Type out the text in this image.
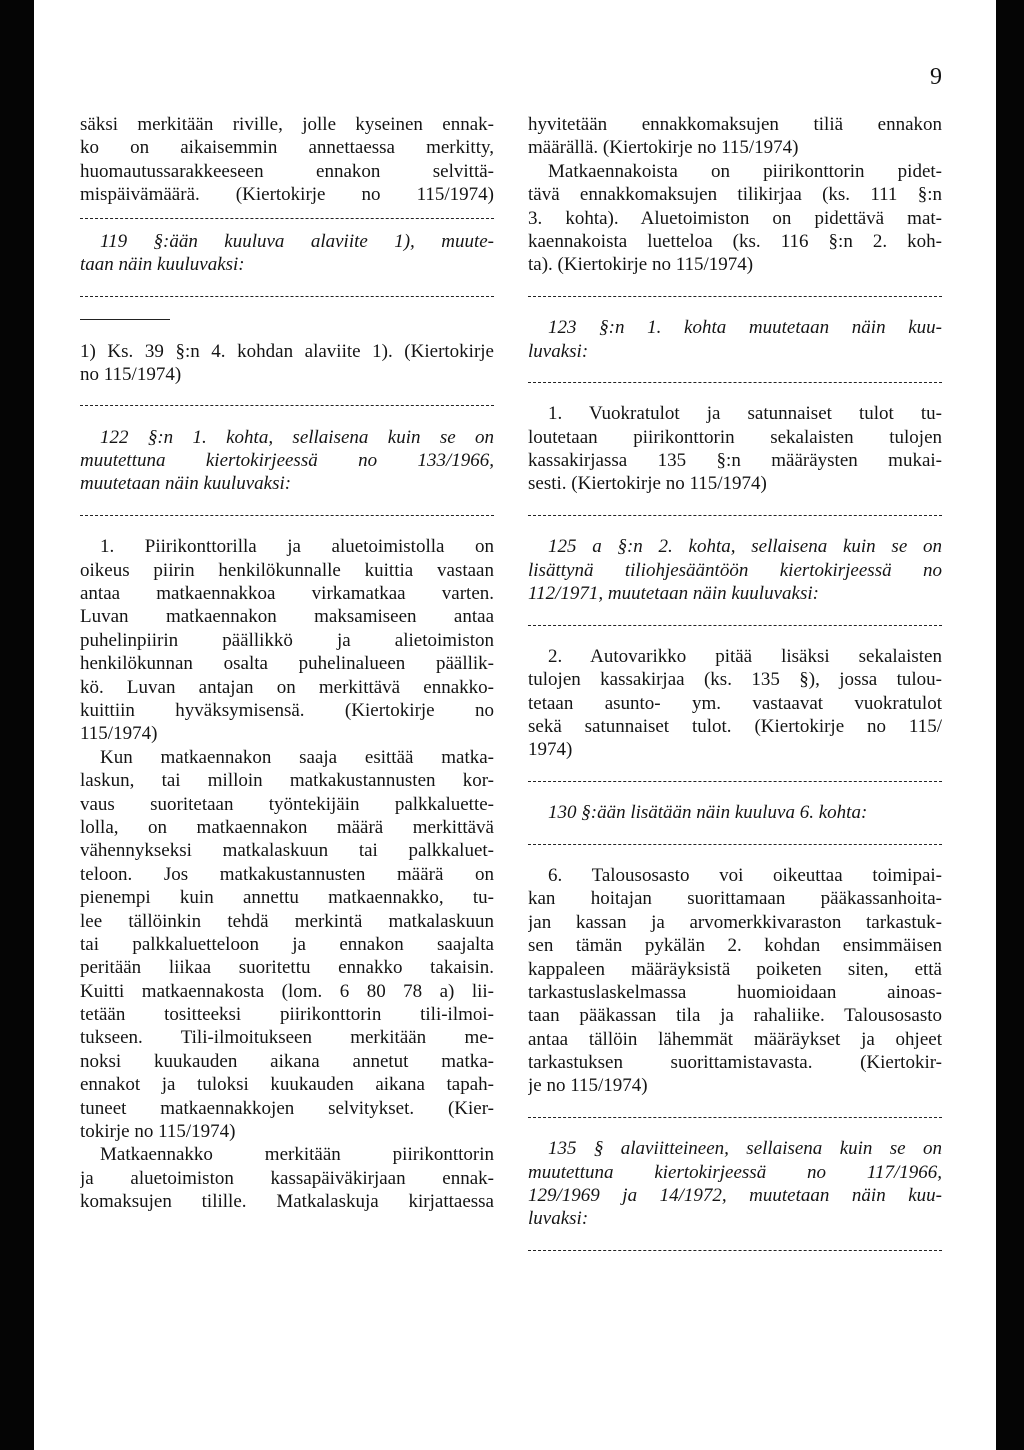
9
säksi merkitään riville, jolle kyseinen ennak-
ko on aikaisemmin annettaessa merkitty,
huomautussarakkeeseen ennakon selvittä-
mispäivämäärä. (Kiertokirje no 115/1974)
119 §:ään kuuluva alaviite 1), muute-
taan näin kuuluvaksi:
1) Ks. 39 §:n 4. kohdan alaviite 1). (Kiertokirje
no 115/1974)
122 §:n 1. kohta, sellaisena kuin se on
muutettuna kiertokirjeessä no 133/1966,
muutetaan näin kuuluvaksi:
1. Piirikonttorilla ja aluetoimistolla on
oikeus piirin henkilökunnalle kuittia vastaan
antaa matkaennakkoa virkamatkaa varten.
Luvan matkaennakon maksamiseen antaa
puhelinpiirin päällikkö ja alietoimiston
henkilökunnan osalta puhelinalueen päällik-
kö. Luvan antajan on merkittävä ennakko-
kuittiin hyväksymisensä. (Kiertokirje no
115/1974)
Kun matkaennakon saaja esittää matka-
laskun, tai milloin matkakustannusten kor-
vaus suoritetaan työntekijäin palkkaluette-
lolla, on matkaennakon määrä merkittävä
vähennykseksi matkalaskuun tai palkkaluet-
teloon. Jos matkakustannusten määrä on
pienempi kuin annettu matkaennakko, tu-
lee tällöinkin tehdä merkintä matkalaskuun
tai palkkaluetteloon ja ennakon saajalta
peritään liikaa suoritettu ennakko takaisin.
Kuitti matkaennakosta (lom. 6 80 78 a) lii-
tetään tositteeksi piirikonttorin tili-ilmoi-
tukseen. Tili-ilmoitukseen merkitään me-
noksi kuukauden aikana annetut matka-
ennakot ja tuloksi kuukauden aikana tapah-
tuneet matkaennakkojen selvitykset. (Kier-
tokirje no 115/1974)
Matkaennakko merkitään piirikonttorin
ja aluetoimiston kassapäiväkirjaan ennak-
komaksujen tilille. Matkalaskuja kirjattaessa
hyvitetään ennakkomaksujen tiliä ennakon
määrällä. (Kiertokirje no 115/1974)
Matkaennakoista on piirikonttorin pidet-
tävä ennakkomaksujen tilikirjaa (ks. 111 §:n
3. kohta). Aluetoimiston on pidettävä mat-
kaennakoista luetteloa (ks. 116 §:n 2. koh-
ta). (Kiertokirje no 115/1974)
123 §:n 1. kohta muutetaan näin kuu-
luvaksi:
1. Vuokratulot ja satunnaiset tulot tu-
loutetaan piirikonttorin sekalaisten tulojen
kassakirjassa 135 §:n määräysten mukai-
sesti. (Kiertokirje no 115/1974)
125 a §:n 2. kohta, sellaisena kuin se on
lisättynä tiliohjesääntöön kiertokirjeessä no
112/1971, muutetaan näin kuuluvaksi:
2. Autovarikko pitää lisäksi sekalaisten
tulojen kassakirjaa (ks. 135 §), jossa tulou-
tetaan asunto- ym. vastaavat vuokratulot
sekä satunnaiset tulot. (Kiertokirje no 115/
1974)
130 §:ään lisätään näin kuuluva 6. kohta:
6. Talousosasto voi oikeuttaa toimipai-
kan hoitajan suorittamaan pääkassanhoita-
jan kassan ja arvomerkkivaraston tarkastuk-
sen tämän pykälän 2. kohdan ensimmäisen
kappaleen määräyksistä poiketen siten, että
tarkastuslaskelmassa huomioidaan ainoas-
taan pääkassan tila ja rahaliike. Talousosasto
antaa tällöin lähemmät määräykset ja ohjeet
tarkastuksen suorittamistavasta. (Kiertokir-
je no 115/1974)
135 § alaviitteineen, sellaisena kuin se on
muutettuna kiertokirjeessä no 117/1966,
129/1969 ja 14/1972, muutetaan näin kuu-
luvaksi:
